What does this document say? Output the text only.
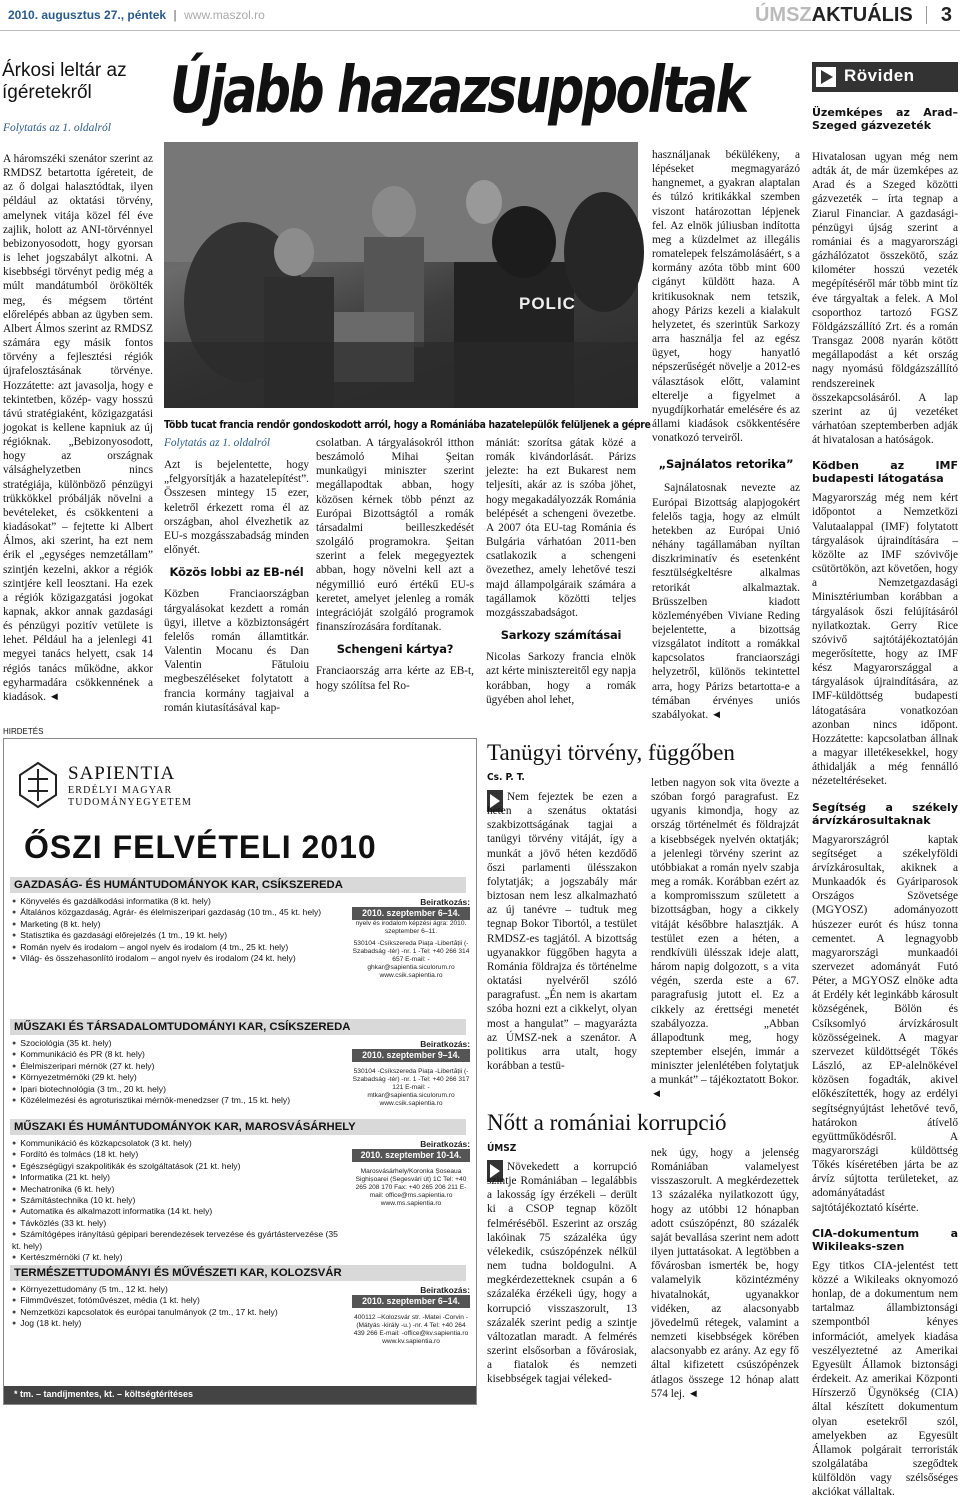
2010. augusztus 27., péntek | www.maszol.ro	ÚMSZAKTUÁLIS 3
Árkosi leltár az ígéretekről
Folytatás az 1. oldalról Újabb hazazsuppoltak	Röviden

A háromszéki szenátor szerint az RMDSZ betartotta ígéreteit, de az ő dolgai halasztódtak, ilyen például az oktatási törvény, amelynek vitája közel fél éve zajlik, holott az ANI-törvénnyel bebizonyosodott, hogy gyorsan is lehet jogszabályt alkotni. A kisebbségi törvényt pedig még a múlt mandátumból örökölték meg, és mégsem történt előrelépés abban az ügyben sem. Albert Álmos szerint az RMDSZ számára egy másik fontos törvény a fejlesztési régiók újrafelosztásának törvénye. Hozzátette: azt javasolja, hogy e tekintetben, közép- vagy hosszú távú stratégiaként, közigazgatási jogokat is kellene kapniuk az új régióknak. „Bebizonyosodott, hogy az országnak válsághelyzetben nincs stratégiája, különböző pénzügyi trükkökkel próbálják növelni a bevételeket, és csökkenteni a kiadásokat” – fejtette ki Albert Álmos, aki szerint, ha ezt nem érik el „egységes nemzetállam” szintjén kezelni, akkor a régiók szintjére kell leosztani. Ha ezek a régiók közigazgatási jogokat kapnak, akkor annak gazdasági és pénzügyi pozitív vetülete is lehet. Például ha a jelenlegi 41 megyei tanács helyett, csak 14 régiós tanács működne, akkor egyharmadára csökkennének a kiadások. ◄

POLIC
Több tucat francia rendőr gondoskodott arról, hogy a Romániába hazatelepülők felüljenek a gépre

Folytatás az 1. oldalról

Azt is bejelentette, hogy „felgyorsítják a hazatelepítést”. Összesen mintegy 15 ezer, keletről érkezett roma él az országban, ahol élvezhetik az EU-s mozgásszabadság minden előnyét.

Közös lobbi az EB-nél

Közben Franciaországban tárgyalásokat kezdett a román ügyi, illetve a közbiztonságért felelős román államtitkár. Valentin Mocanu és Dan Valentin Fătuloiu megbeszéléseket folytatott a francia kormány tagjaival a román kiutasításával kap-

csolatban. A tárgyalásokról itthon beszámoló Mihai Şeitan munkaügyi miniszter szerint megállapodtak abban, hogy közösen kérnek több pénzt az Európai Bizottságtól a romák társadalmi beilleszkedését szolgáló programokra. Şeitan szerint a felek megegyeztek abban, hogy növelni kell azt a négymillió euró értékű EU-s keretet, amelyet jelenleg a romák integrációját szolgáló programok finanszírozására fordítanak.

Schengeni kártya?

Franciaország arra kérte az EB-t, hogy szólítsa fel Ro-

mániát: szorítsa gátak közé a romák kivándorlását. Párizs jelezte: ha ezt Bukarest nem teljesíti, akár az is szóba jöhet, hogy megakadályozzák Románia belépését a schengeni övezetbe. A 2007 óta EU-tag Románia és Bulgária várhatóan 2011-ben csatlakozik a schengeni övezethez, amely lehetővé teszi majd állampolgáraik számára a tagállamok közötti teljes mozgásszabadságot.

Sarkozy számításai

Nicolas Sarkozy francia elnök azt kérte minisztereitől egy napja korábban, hogy a romák ügyében ahol lehet,

használjanak békülékeny, a lépéseket megmagyarázó hangnemet, a gyakran alaptalan és túlzó kritikákkal szemben viszont határozottan lépjenek fel. Az elnök júliusban indította meg a küzdelmet az illegális romatelepek felszámolásáért, s a kormány azóta több mint 600 cigányt küldött haza. A kritikusoknak nem tetszik, ahogy Párizs kezeli a kialakult helyzetet, és szerintük Sarkozy arra használja fel az egész ügyet, hogy hanyatló népszerűségét növelje a 2012-es választások előtt, valamint elterelje a figyelmet a nyugdíjkorhatár emelésére és az állami kiadások csökkentésére vonatkozó terveiről.

„Sajnálatos retorika”

Sajnálatosnak nevezte az Európai Bizottság alapjogokért felelős tagja, hogy az elmúlt hetekben az Európai Unió néhány tagállamában nyíltan diszkriminatív és esetenként fesztülségkeltésre alkalmas retorikát alkalmaztak. Brüsszelben kiadott közleményében Viviane Reding bejelentette, a bizottság vizsgálatot indított a romákkal kapcsolatos franciaországi helyzetről, különös tekintettel arra, hogy Párizs betartotta-e a témában érvényes uniós szabályokat. ◄

Üzemképes az Arad–Szeged gázvezeték

Hivatalosan ugyan még nem adták át, de már üzemképes az Arad és a Szeged közötti gázvezeték – írta tegnap a Ziarul Financiar. A gazdasági-pénzügyi újság szerint a romániai és a magyarországi gázhálózatot összekötő, száz kilométer hosszú vezeték megépítéséről már több mint tíz éve tárgyaltak a felek. A Mol csoporthoz tartozó FGSZ Földgázszállító Zrt. és a román Transgaz 2008 nyarán kötött megállapodást a két ország nagy nyomású földgázszállító rendszereinek összekapcsolásáról. A lap szerint az új vezetéket várhatóan szeptemberben adják át hivatalosan a hatóságok.

Ködben az IMF budapesti látogatása

Magyarország még nem kért időpontot a Nemzetközi Valutaalappal (IMF) folytatott tárgyalások újraindítására – közölte az IMF szóvivője csütörtökön, azt követően, hogy a Nemzetgazdasági Minisztériumban korábban a tárgyalások őszi felújításáról nyilatkoztak. Gerry Rice szóvivő sajtótájékoztatóján megerősítette, hogy az IMF kész Magyarországgal a tárgyalások újraindítására, az IMF-küldöttség budapesti látogatására vonatkozóan azonban nincs időpont. Hozzátette: kapcsolatban állnak a magyar illetékesekkel, hogy áthidalják a még fennálló nézeteltéréseket.

Segítség a székely árvízkárosultaknak

Magyarországról kaptak segítséget a székelyföldi árvízkárosultak, akiknek a Munkaadók és Gyáriparosok Országos Szövetsége (MGYOSZ) adományozott húszezer eurót és húsz tonna cementet. A legnagyobb magyarországi munkaadói szervezet adományát Futó Péter, a MGYOSZ elnöke adta át Erdély két leginkább károsult községének, Bölön és Csíksomlyó árvízkárosult közösségeinek. A magyar szervezet küldöttségét Tőkés László, az EP-alelnökével közösen fogadták, akivel előkészítették, hogy az erdélyi segítségnyújtást lehetővé tevő, határokon átívelő együttműködésről. A magyarországi küldöttség Tőkés kíséretében járta be az árvíz sújtotta területeket, az adományátadást sajtótájékoztató kísérte.

CIA-dokumentum a Wikileaks-szen

Egy titkos CIA-jelentést tett közzé a Wikileaks oknyomozó honlap, de a dokumentum nem tartalmaz állambiztonsági szempontból kényes információt, amelyek kiadása veszélyeztetné az Amerikai Egyesült Államok biztonsági érdekeit. Az amerikai Központi Hírszerző Ügynökség (CIA) által készített dokumentum olyan esetekről szól, amelyekben az Egyesült Államok polgárait terroristák szolgálatába szegődtek külföldön vagy szélsőséges akciókat vállaltak.

Tanügyi törvény, függőben
Cs. P. T.

Nem fejeztek be ezen a héten a szenátus oktatási szakbizottságának tagjai a tanügyi törvény vitáját, így a munkát a jövő héten kezdődő őszi parlamenti ülésszakon folytatják; a jogszabály már biztosan nem lesz alkalmazható az új tanévre – tudtuk meg tegnap Bokor Tibortól, a testület RMDSZ-es tagjától. A bizottság ugyanakkor függőben hagyta a Románia földrajza és történelme oktatási nyelvéről szóló paragrafust. „Én nem is akartam szóba hozni ezt a cikkelyt, olyan most a hangulat” – magyarázta az ÚMSZ-nek a szenátor. A politikus arra utalt, hogy korábban a testü-

letben nagyon sok vita övezte a szóban forgó paragrafust. Ez ugyanis kimondja, hogy az ország történelmét és földrajzát a kisebbségek nyelvén oktatják; a jelenlegi törvény szerint az utóbbiakat a román nyelv szabja meg a romák. Korábban ezért az a kompromisszum született a bizottságban, hogy a cikkely vitáját későbbre halasztják. A testület ezen a héten, a rendkívüli ülésszak ideje alatt, három napig dolgozott, s a vita végén, szerda este a 67. paragrafusig jutott el. Ez a cikkely az érettségi menetét szabályozza. „Abban állapodtunk meg, hogy szeptember elsején, immár a miniszter jelenlétében folytatjuk a munkát” – tájékoztatott Bokor. ◄

Nőtt a romániai korrupció
ÚMSZ

Növekedett a korrupció szintje Romániában – legalábbis a lakosság így érzékeli – derült ki a CSOP tegnap közölt felméréséből. Eszerint az ország lakóinak 75 százaléka úgy vélekedik, csúszópénzek nélkül nem tudna boldogulni. A megkérdezetteknek csupán a 6 százaléka érzékeli úgy, hogy a korrupció visszaszorult, 13 százalék szerint pedig a szintje változatlan maradt. A felmérés szerint elsősorban a fővárosiak, a fiatalok és nemzeti kisebbségek tagjai véleked-

nek úgy, hogy a jelenség Romániában valamelyest visszaszorult. A megkérdezettek 13 százaléka nyilatkozott úgy, hogy az utóbbi 12 hónapban adott csúszópénzt, 80 százalék saját bevallása szerint nem adott ilyen juttatásokat. A legtöbben a fővárosban ismerték be, hogy valamelyik közintézmény hivatalnokát, ugyanakkor vidéken, az alacsonyabb jövedelmű rétegek, valamint a nemzeti kisebbségek körében alacsonyabb ez arány. Az egy fő által kifizetett csúszópénzek átlagos összege 12 hónap alatt 574 lej. ◄

HIRDETÉS
SAPIENTIA
ERDÉLYI MAGYAR
TUDOMÁNYEGYETEM
ŐSZI FELVÉTELI 2010
GAZDASÁG- ÉS HUMÁNTUDOMÁNYOK KAR, CSÍKSZEREDA
● Könyvelés és gazdálkodási informatika (8 kt. hely)
● Általános közgazdaság, Agrár- és élelmiszeripari gazdaság (10 tm., 45 kt. hely)
● Marketing (8 kt. hely)
● Statisztika és gazdasági előrejelzés (1 tm., 19 kt. hely)
● Román nyelv és irodalom – angol nyelv és irodalom (4 tm., 25 kt. hely)
● Világ- és összehasonlító irodalom – angol nyelv és irodalom (24 kt. hely)
Beiratkozás:
2010. szeptember 6–14.
nyelv és irodalom képzési ágra: 2010. szeptember 6–11.
530104 -Csíkszereda Piața -Libertății (-Szabadság -tér) -nr. 1 -Tel: +40 266 314 657 E-mail: -ghkar@sapientia.siculorum.ro www.csik.sapientia.ro
MŰSZAKI ÉS TÁRSADALOMTUDOMÁNYI KAR, CSÍKSZEREDA
● Szociológia (35 kt. hely)
● Kommunikáció és PR (8 kt. hely)
● Élelmiszeripari mérnök (27 kt. hely)
● Környezetmérnöki (29 kt. hely)
● Ipari biotechnológia (3 tm., 20 kt. hely)
● Közélelmezési és agroturisztikai mérnök-menedzser (7 tm., 15 kt. hely)
Beiratkozás:
2010. szeptember 9–14.
530104 -Csíkszereda Piața -Libertății (-Szabadság -tér) -nr. 1 -Tel: +40 266 317 121 E-mail: -mtkar@sapientia.siculorum.ro www.csik.sapientia.ro
MŰSZAKI ÉS HUMÁNTUDOMÁNYOK KAR, MAROSVÁSÁRHELY
● Kommunikáció és közkapcsolatok (3 kt. hely)
● Fordító és tolmács (18 kt. hely)
● Egészségügyi szakpolitikák és szolgáltatások (21 kt. hely)
● Informatika (21 kt. hely)
● Mechatronika (6 kt. hely)
● Számítástechnika (10 kt. hely)
● Automatika és alkalmazott informatika (14 kt. hely)
● Távközlés (33 kt. hely)
● Számítógépes irányítású gépipari berendezések tervezése és gyártástervezése (35 kt. hely)
● Kertészmérnöki (7 kt. hely)
Beiratkozás:
2010. szeptember 10-14.
Marosvásárhely/Koronka Șoseaua Sighișoarei (Segesvári út) 1C Tel: +40 265 208 170 Fax: +40 265 206 211 E-mail: office@ms.sapientia.ro www.ms.sapientia.ro
TERMÉSZETTUDOMÁNYI ÉS MŰVÉSZETI KAR, KOLOZSVÁR
● Környezettudomány (5 tm., 12 kt. hely)
● Filmművészet, fotóművészet, média (1 kt. hely)
● Nemzetközi kapcsolatok és európai tanulmányok (2 tm., 17 kt. hely)
● Jog (18 kt. hely)
Beiratkozás:
2010. szeptember 6–14.
400112 –Kolozsvár str. -Matei -Corvin -(Mátyás -király -u.) -nr. 4 Tel: +40 264 439 266 E-mail: -office@kv.sapientia.ro www.kv.sapientia.ro
* tm. – tandíjmentes, kt. – költségtérítéses
